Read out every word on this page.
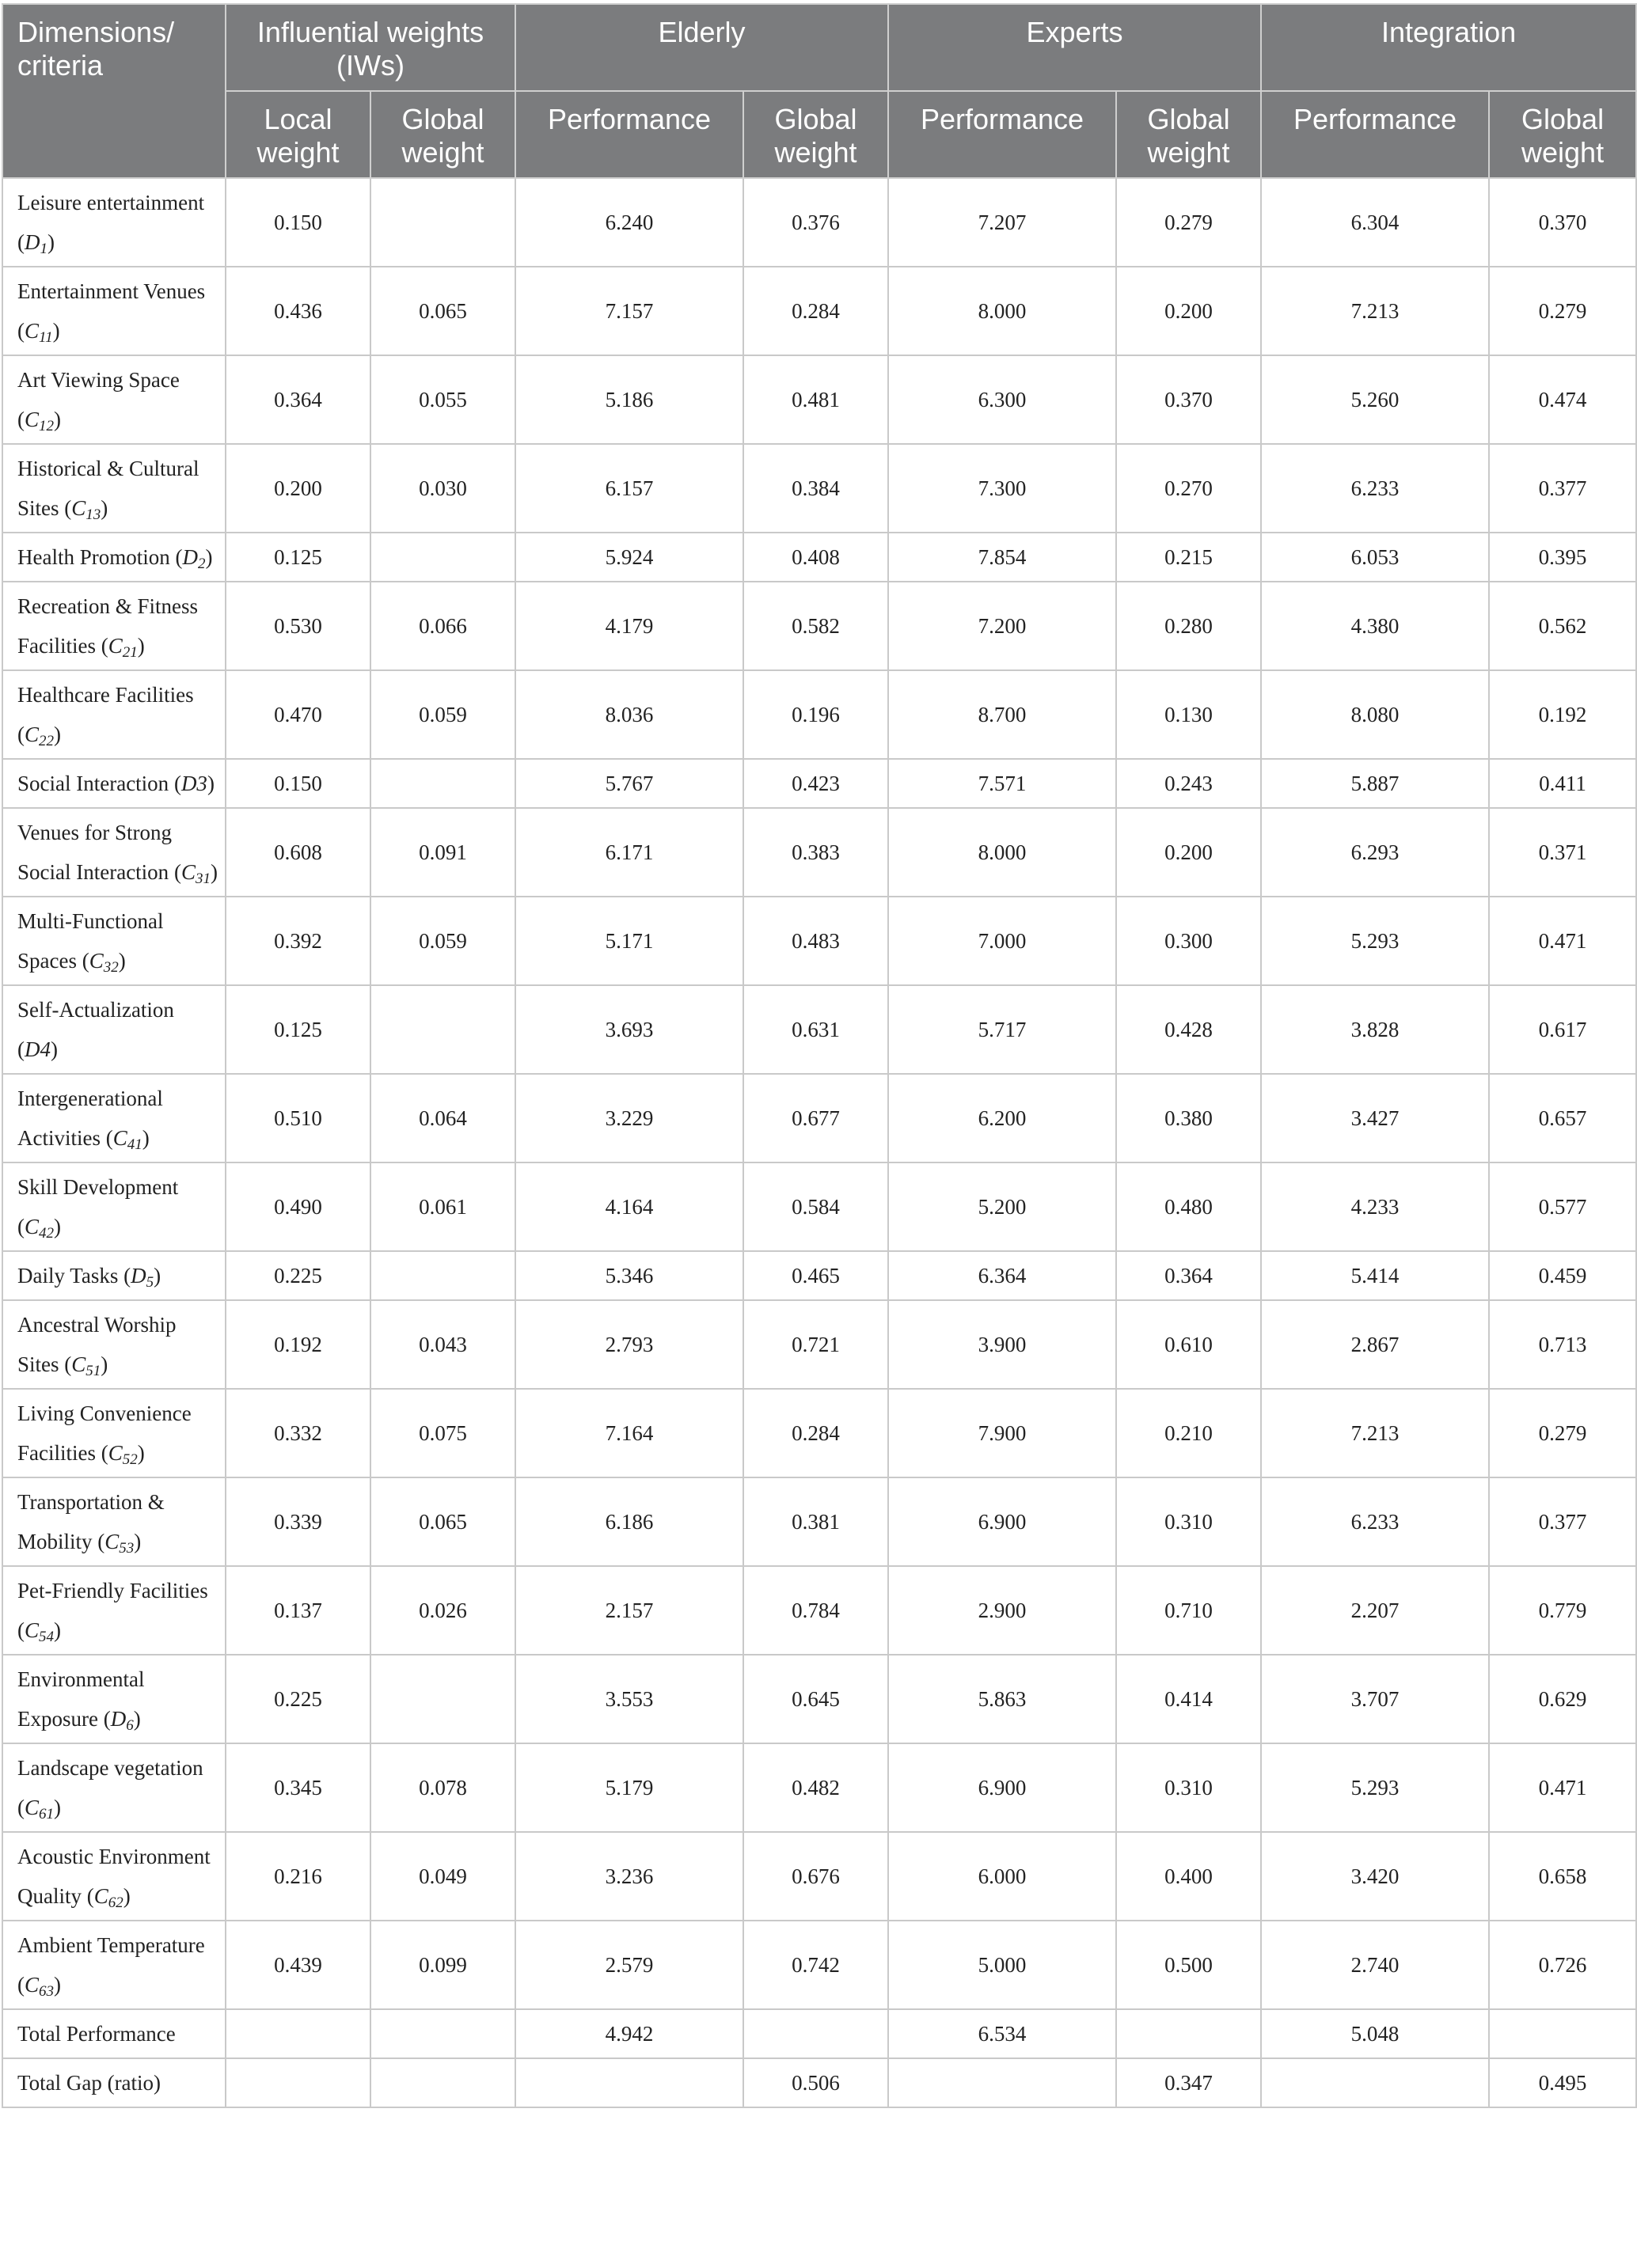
Dimensions/ criteria	Influential weights (IWs)		Elderly		Experts		Integration	
	Local weight	Global weight	Performance	Global weight	Performance	Global weight	Performance	Global weight
Leisure entertainment $(D_1)$	0.150		6.240	0.376	7.207	0.279	6.304	0.370
Entertainment Venues $(C_{11})$	0.436	0.065	7.157	0.284	8.000	0.200	7.213	0.279
Art Viewing Space $(C_{12})$	0.364	0.055	5.186	0.481	6.300	0.370	5.260	0.474
Historical & Cultural Sites $(C_{13})$	0.200	0.030	6.157	0.384	7.300	0.270	6.233	0.377
Health Promotion $(D_2)$	0.125		5.924	0.408	7.854	0.215	6.053	0.395
Recreation & Fitness Facilities $(C_{21})$	0.530	0.066	4.179	0.582	7.200	0.280	4.380	0.562
Healthcare Facilities $(C_{22})$	0.470	0.059	8.036	0.196	8.700	0.130	8.080	0.192
Social Interaction (D3)	0.150		5.767	0.423	7.571	0.243	5.887	0.411
Venues for Strong Social Interaction $(C_{31})$	0.608	0.091	6.171	0.383	8.000	0.200	6.293	0.371
Multi-Functional Spaces $(C_{32})$	0.392	0.059	5.171	0.483	7.000	0.300	5.293	0.471
Self-Actualization (D4)	0.125		3.693	0.631	5.717	0.428	3.828	0.617
Intergenerational Activities $(C_{41})$	0.510	0.064	3.229	0.677	6.200	0.380	3.427	0.657
Skill Development $(C_{42})$	0.490	0.061	4.164	0.584	5.200	0.480	4.233	0.577
Daily Tasks $(D_5)$	0.225		5.346	0.465	6.364	0.364	5.414	0.459
Ancestral Worship Sites $(C_{51})$	0.192	0.043	2.793	0.721	3.900	0.610	2.867	0.713
Living Convenience Facilities $(C_{52})$	0.332	0.075	7.164	0.284	7.900	0.210	7.213	0.279
Transportation & Mobility $(C_{53})$	0.339	0.065	6.186	0.381	6.900	0.310	6.233	0.377
Pet-Friendly Facilities $(C_{54})$	0.137	0.026	2.157	0.784	2.900	0.710	2.207	0.779
Environmental Exposure $(D_6)$	0.225		3.553	0.645	5.863	0.414	3.707	0.629
Landscape vegetation $(C_{61})$	0.345	0.078	5.179	0.482	6.900	0.310	5.293	0.471
Acoustic Environment Quality $(C_{62})$	0.216	0.049	3.236	0.676	6.000	0.400	3.420	0.658
Ambient Temperature $(C_{63})$	0.439	0.099	2.579	0.742	5.000	0.500	2.740	0.726
Total Performance			4.942		6.534		5.048	
Total Gap (ratio)				0.506		0.347		0.495
